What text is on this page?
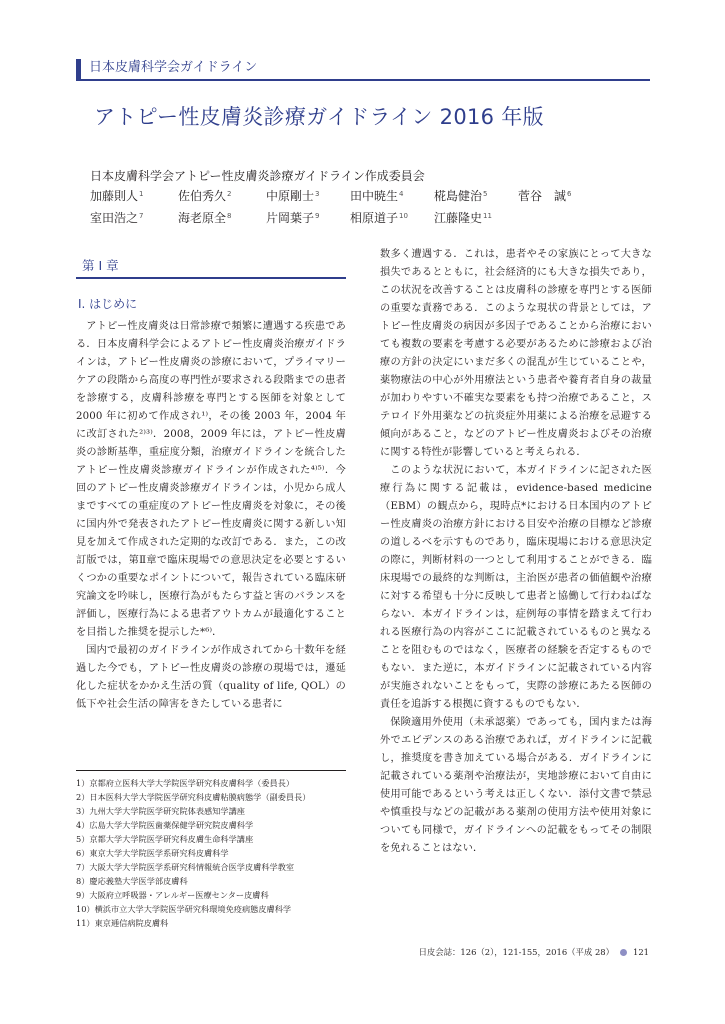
日本皮膚科学会ガイドライン
アトピー性皮膚炎診療ガイドライン 2016 年版
日本皮膚科学会アトピー性皮膚炎診療ガイドライン作成委員会
加藤則人$^1$	佐伯秀久$^2$	中原剛士$^3$	田中暁生$^4$	椛島健治$^5$	菅谷　誠$^6$
室田浩之$^7$	海老原全$^8$	片岡葉子$^9$	相原道子$^{10}$	江藤隆史$^{11}$
第 I 章
I. はじめに

アトピー性皮膚炎は日常診療で頻繁に遭遇する疾患である．日本皮膚科学会によるアトピー性皮膚炎治療ガイドラインは，アトピー性皮膚炎の診療において，プライマリーケアの段階から高度の専門性が要求される段階までの患者を診療する，皮膚科診療を専門とする医師を対象として 2000 年に初めて作成され¹⁾，その後 2003 年，2004 年に改訂された²⁾³⁾．2008，2009 年には，アトピー性皮膚炎の診断基準，重症度分類，治療ガイドラインを統合したアトピー性皮膚炎診療ガイドラインが作成された⁴⁾⁵⁾．今回のアトピー性皮膚炎診療ガイドラインは，小児から成人まですべての重症度のアトピー性皮膚炎を対象に，その後に国内外で発表されたアトピー性皮膚炎に関する新しい知見を加えて作成された定期的な改訂である．また，この改訂版では，第Ⅱ章で臨床現場での意思決定を必要とするいくつかの重要なポイントについて，報告されている臨床研究論文を吟味し，医療行為がもたらす益と害のバランスを評価し，医療行為による患者アウトカムが最適化することを目指した推奨を提示した*⁶⁾．

国内で最初のガイドラインが作成されてから十数年を経過した今でも，アトピー性皮膚炎の診療の現場では，遷延化した症状をかかえ生活の質（quality of life, QOL）の低下や社会生活の障害をきたしている患者に

数多く遭遇する．これは，患者やその家族にとって大きな損失であるとともに，社会経済的にも大きな損失であり，この状況を改善することは皮膚科の診療を専門とする医師の重要な責務である．このような現状の背景としては，アトピー性皮膚炎の病因が多因子であることから治療においても複数の要素を考慮する必要があるために診療および治療の方針の決定にいまだ多くの混乱が生じていることや，薬物療法の中心が外用療法という患者や養育者自身の裁量が加わりやすい不確実な要素をも持つ治療であること，ステロイド外用薬などの抗炎症外用薬による治療を忌避する傾向があること，などのアトピー性皮膚炎およびその治療に関する特性が影響していると考えられる．

このような状況において，本ガイドラインに記された医療行為に関する記載は，evidence-based medicine（EBM）の観点から，現時点*における日本国内のアトピー性皮膚炎の治療方針における目安や治療の目標など診療の道しるべを示すものであり，臨床現場における意思決定の際に，判断材料の一つとして利用することができる．臨床現場での最終的な判断は，主治医が患者の価値観や治療に対する希望も十分に反映して患者と協働して行わねばならない．本ガイドラインは，症例毎の事情を踏まえて行われる医療行為の内容がここに記載されているものと異なることを阻むものではなく，医療者の経験を否定するものでもない．また逆に，本ガイドラインに記載されている内容が実施されないことをもって，実際の診療にあたる医師の責任を追訴する根拠に資するものでもない．

保険適用外使用（未承認薬）であっても，国内または海外でエビデンスのある治療であれば，ガイドラインに記載し，推奨度を書き加えている場合がある．ガイドラインに記載されている薬剤や治療法が，実地診療において自由に使用可能であるという考えは正しくない．添付文書で禁忌や慎重投与などの記載がある薬剤の使用方法や使用対象についても同様で，ガイドラインへの記載をもってその制限を免れることはない．

1）京都府立医科大学大学院医学研究科皮膚科学（委員長）

2）日本医科大学大学院医学研究科皮膚粘膜病態学（副委員長）

3）九州大学大学院医学研究院体表感知学講座

4）広島大学大学院医歯薬保健学研究院皮膚科学

5）京都大学大学院医学研究科皮膚生命科学講座

6）東京大学大学院医学系研究科皮膚科学

7）大阪大学大学院医学系研究科情報統合医学皮膚科学教室

8）慶応義塾大学医学部皮膚科

9）大阪府立呼吸器・アレルギー医療センター皮膚科

10）横浜市立大学大学院医学研究科環境免疫病態皮膚科学

11）東京逓信病院皮膚科

日皮会誌：126（2），121-155，2016（平成 28） 121
